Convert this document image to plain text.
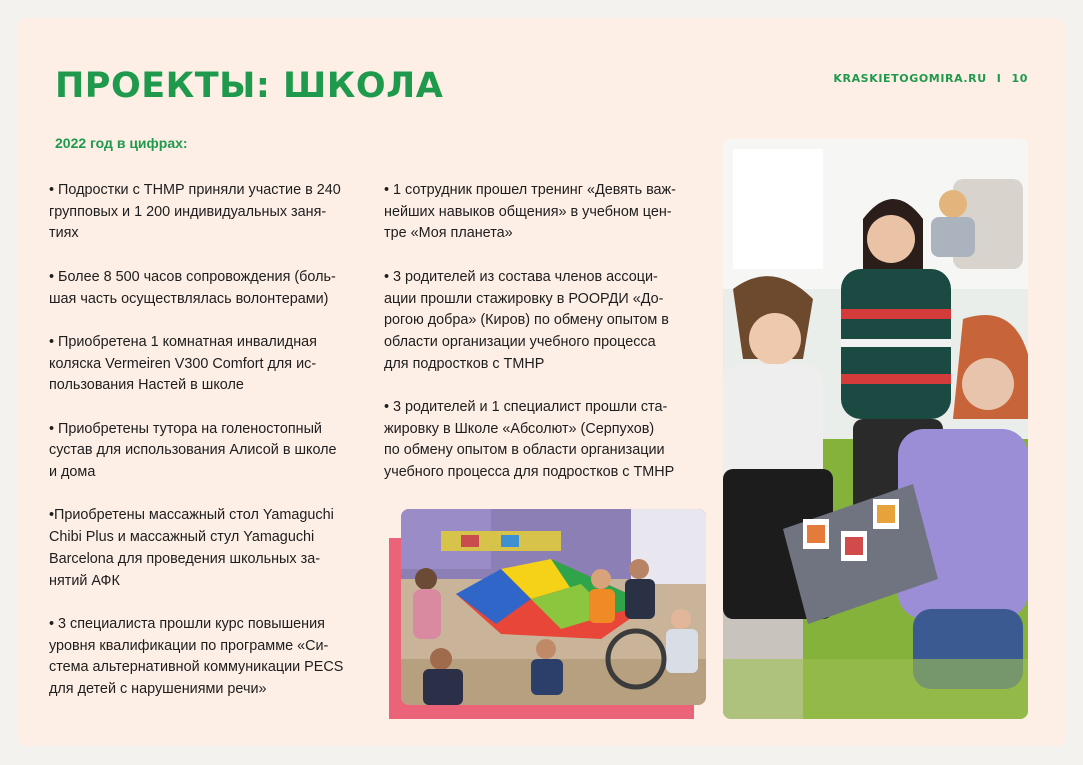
ПРОЕКТЫ: ШКОЛА	KRASKIETOGOMIRA.RU I 10
2022 год в цифрах:
• Подростки с ТНМР приняли участие в 240
групповых и 1 200 индивидуальных заня-
тиях
• Более 8 500 часов сопровождения (боль-
шая часть осуществлялась волонтерами)
• Приобретена 1 комнатная инвалидная
коляска Vermeiren V300 Comfort для ис-
пользования Настей в школе
• Приобретены тутора на голеностопный
сустав для использования Алисой в школе
и дома
•Приобретены массажный стол Yamaguchi
Chibi Plus и массажный стул Yamaguchi
Barcelona для проведения школьных за-
нятий АФК
• 3 специалиста прошли курс повышения
уровня квалификации по программе «Си-
стема альтернативной коммуникации PECS
для детей с нарушениями речи»
• 1 сотрудник прошел тренинг «Девять важ-
нейших навыков общения» в учебном цен-
тре «Моя планета»
• 3 родителей из состава членов ассоци-
ации прошли стажировку в РООРДИ «До-
рогою добра» (Киров) по обмену опытом в
области организации учебного процесса
для подростков с ТМНР
• 3 родителей и 1 специалист прошли ста-
жировку в Школе «Абсолют» (Серпухов)
по обмену опытом в области организации
учебного процесса для подростков с ТМНР
